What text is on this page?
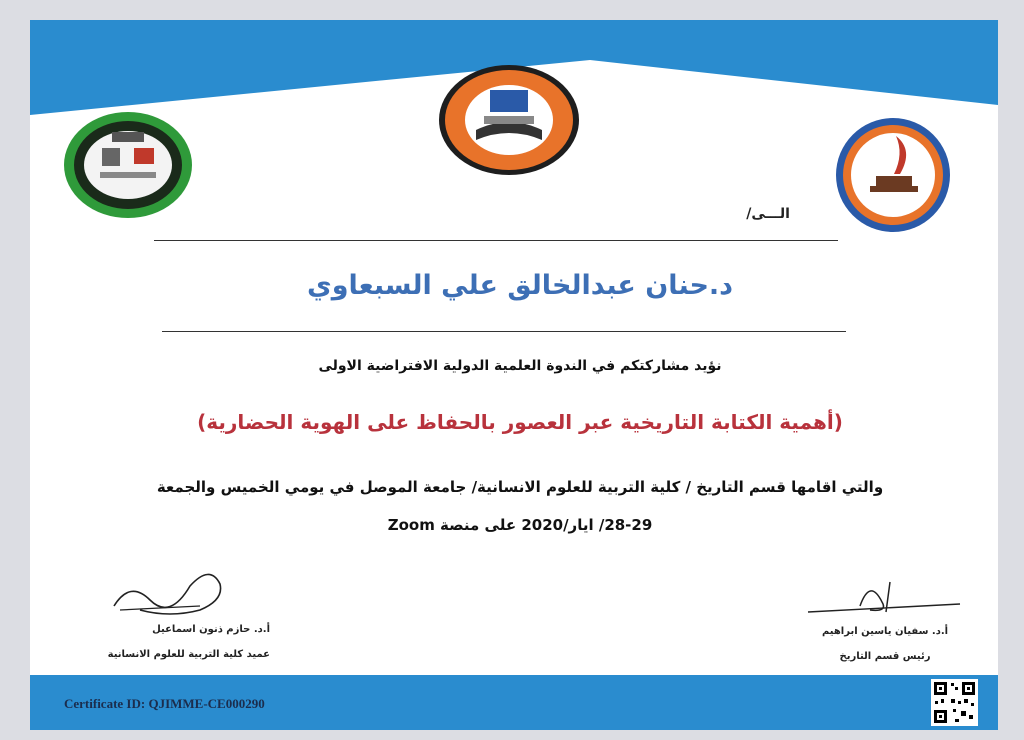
الـــى/
د.حنان عبدالخالق علي السبعاوي
نؤيد مشاركتكم في الندوة العلمية الدولية الافتراضية الاولى
(أهمية الكتابة التاريخية عبر العصور بالحفاظ على الهوية الحضارية)
والتي اقامها قسم التاريخ / كلية التربية للعلوم الانسانية/ جامعة الموصل في يومي الخميس والجمعة
28-29/ ايار/2020 على منصة Zoom
أ.د. حازم ذنون اسماعيل
عميد كلية التربية للعلوم الانسانية
أ.د. سفيان ياسين ابراهيم
رئيس قسم التاريخ
Certificate ID: QJIMME-CE000290
